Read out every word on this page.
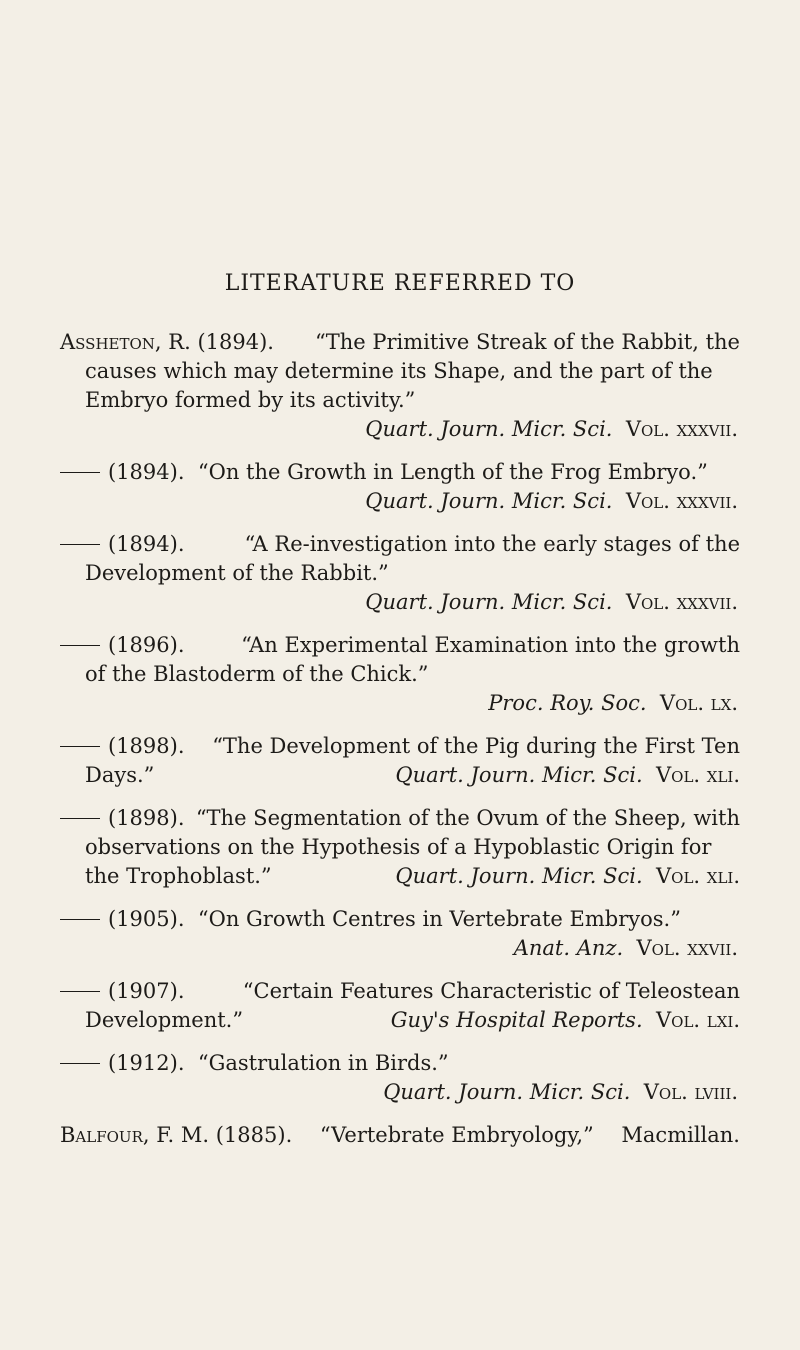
LITERATURE REFERRED TO
Assheton, R. (1894). “The Primitive Streak of the Rabbit, the
causes which may determine its Shape, and the part of the
Embryo formed by its activity.”
Quart. Journ. Micr. Sci. Vol. xxxvii.
(1894). “On the Growth in Length of the Frog Embryo.”
Quart. Journ. Micr. Sci. Vol. xxxvii.
(1894).	“A Re-investigation into the early stages of the
Development of the Rabbit.”
Quart. Journ. Micr. Sci. Vol. xxxvii.
(1896).	“An Experimental Examination into the growth
of the Blastoderm of the Chick.”
Proc. Roy. Soc. Vol. lx.
(1898). “The Development of the Pig during the First Ten
Days.”	Quart. Journ. Micr. Sci. Vol. xli.
(1898). “The Segmentation of the Ovum of the Sheep, with
observations on the Hypothesis of a Hypoblastic Origin for
the Trophoblast.”	Quart. Journ. Micr. Sci. Vol. xli.
(1905). “On Growth Centres in Vertebrate Embryos.”
Anat. Anz. Vol. xxvii.
(1907).	“Certain Features Characteristic of Teleostean
Development.”	Guy's Hospital Reports. Vol. lxi.
(1912). “Gastrulation in Birds.”
Quart. Journ. Micr. Sci. Vol. lviii.
Balfour, F. M. (1885). “Vertebrate Embryology,” Macmillan.
